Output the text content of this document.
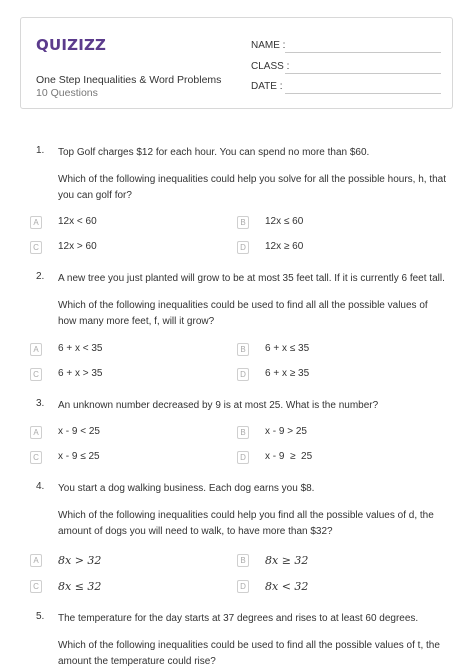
QUIZIZZ
One Step Inequalities & Word Problems
10 Questions
NAME :
CLASS :
DATE :
1. Top Golf charges $12 for each hour. You can spend no more than $60.
Which of the following inequalities could help you solve for all the possible hours, h, that you can golf for?
A	12x < 60	B	12x ≤ 60
C	12x > 60	D	12x ≥ 60
2. A new tree you just planted will grow to be at most 35 feet tall. If it is currently 6 feet tall.
Which of the following inequalities could be used to find all all the possible values of how many more feet, f, will it grow?
A	6 + x < 35	B	6 + x ≤ 35
C	6 + x > 35	D	6 + x ≥ 35
3. An unknown number decreased by 9 is at most 25. What is the number?
A	x - 9 < 25	B	x - 9 > 25
C	x - 9 ≤ 25	D	x - 9  ≥  25
4. You start a dog walking business. Each dog earns you $8.
Which of the following inequalities could help you find all the possible values of d, the amount of dogs you will need to walk, to have more than $32?
A	8x > 32	B	8x ≥ 32
C 8x ≤ 32	D 8x < 32
5. The temperature for the day starts at 37 degrees and rises to at least 60 degrees.
Which of the following inequalities could be used to find all the possible values of t, the amount the temperature could rise?
